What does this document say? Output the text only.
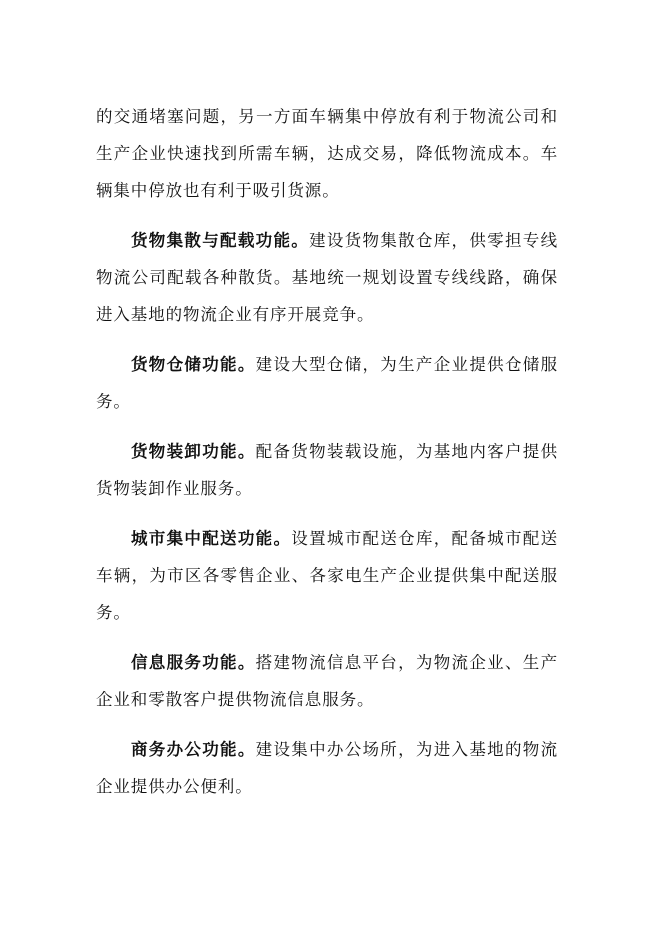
的交通堵塞问题，另一方面车辆集中停放有利于物流公司和生产企业快速找到所需车辆，达成交易，降低物流成本。车辆集中停放也有利于吸引货源。

货物集散与配载功能。建设货物集散仓库，供零担专线物流公司配载各种散货。基地统一规划设置专线线路，确保进入基地的物流企业有序开展竞争。

货物仓储功能。建设大型仓储，为生产企业提供仓储服务。

货物装卸功能。配备货物装载设施，为基地内客户提供货物装卸作业服务。

城市集中配送功能。设置城市配送仓库，配备城市配送车辆，为市区各零售企业、各家电生产企业提供集中配送服务。

信息服务功能。搭建物流信息平台，为物流企业、生产企业和零散客户提供物流信息服务。

商务办公功能。建设集中办公场所，为进入基地的物流企业提供办公便利。
